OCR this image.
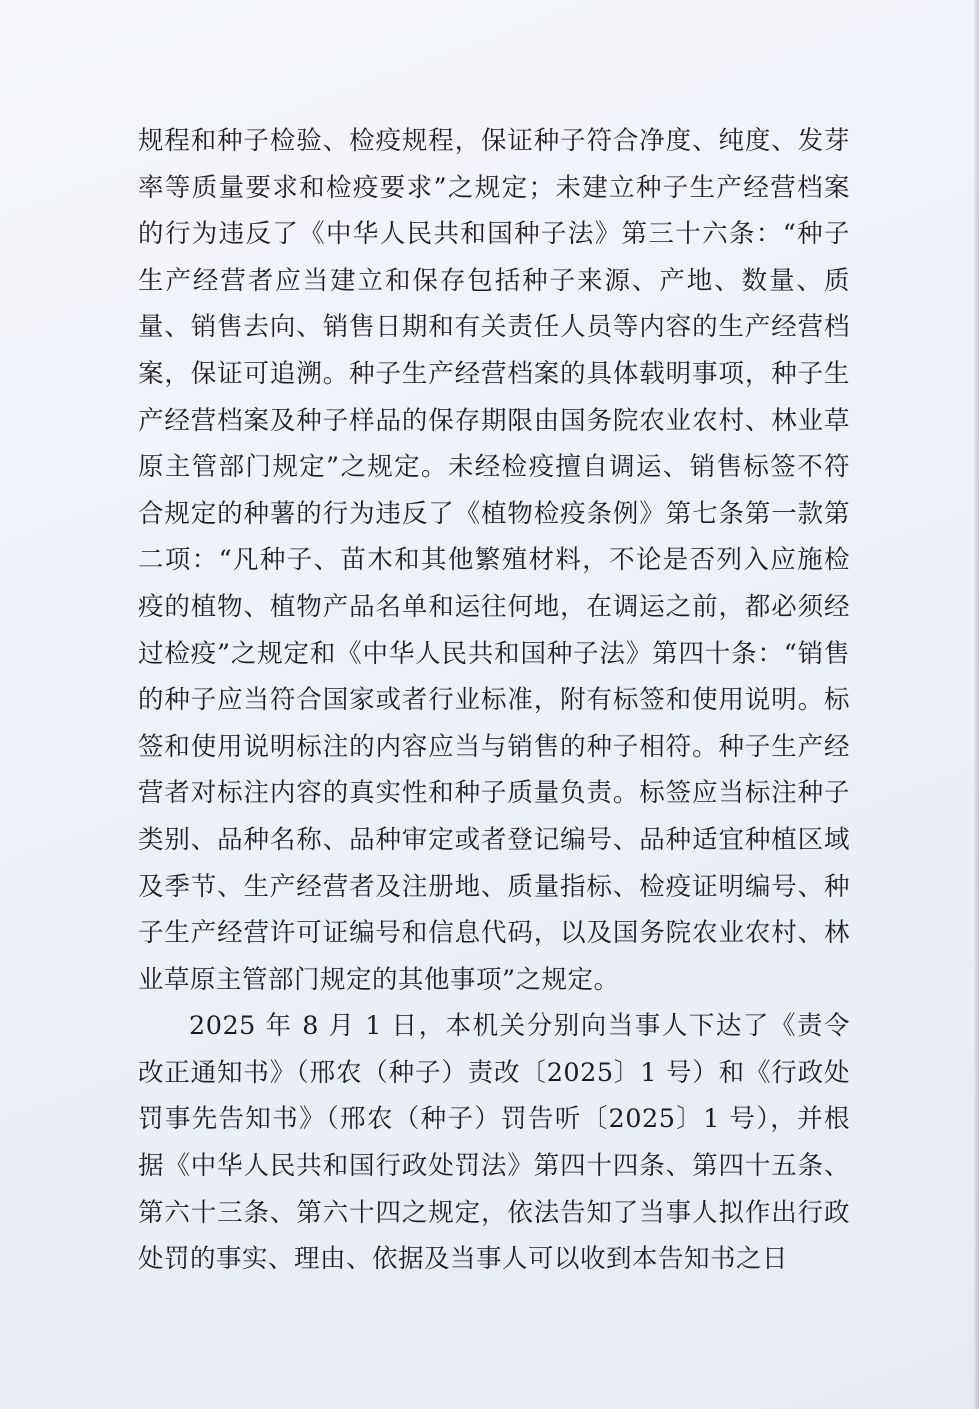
规程和种子检验、检疫规程，保证种子符合净度、纯度、发芽率等质量要求和检疫要求”之规定；未建立种子生产经营档案的行为违反了《中华人民共和国种子法》第三十六条：“种子生产经营者应当建立和保存包括种子来源、产地、数量、质量、销售去向、销售日期和有关责任人员等内容的生产经营档案，保证可追溯。种子生产经营档案的具体载明事项，种子生产经营档案及种子样品的保存期限由国务院农业农村、林业草原主管部门规定”之规定。未经检疫擅自调运、销售标签不符合规定的种薯的行为违反了《植物检疫条例》第七条第一款第二项：“凡种子、苗木和其他繁殖材料，不论是否列入应施检疫的植物、植物产品名单和运往何地，在调运之前，都必须经过检疫”之规定和《中华人民共和国种子法》第四十条：“销售的种子应当符合国家或者行业标准，附有标签和使用说明。标签和使用说明标注的内容应当与销售的种子相符。种子生产经营者对标注内容的真实性和种子质量负责。标签应当标注种子类别、品种名称、品种审定或者登记编号、品种适宜种植区域及季节、生产经营者及注册地、质量指标、检疫证明编号、种子生产经营许可证编号和信息代码，以及国务院农业农村、林业草原主管部门规定的其他事项”之规定。

2025 年 8 月 1 日，本机关分别向当事人下达了《责令改正通知书》（邢农（种子）责改〔2025〕1 号）和《行政处罚事先告知书》（邢农（种子）罚告听〔2025〕1 号），并根据《中华人民共和国行政处罚法》第四十四条、第四十五条、第六十三条、第六十四之规定，依法告知了当事人拟作出行政处罚的事实、理由、依据及当事人可以收到本告知书之日
